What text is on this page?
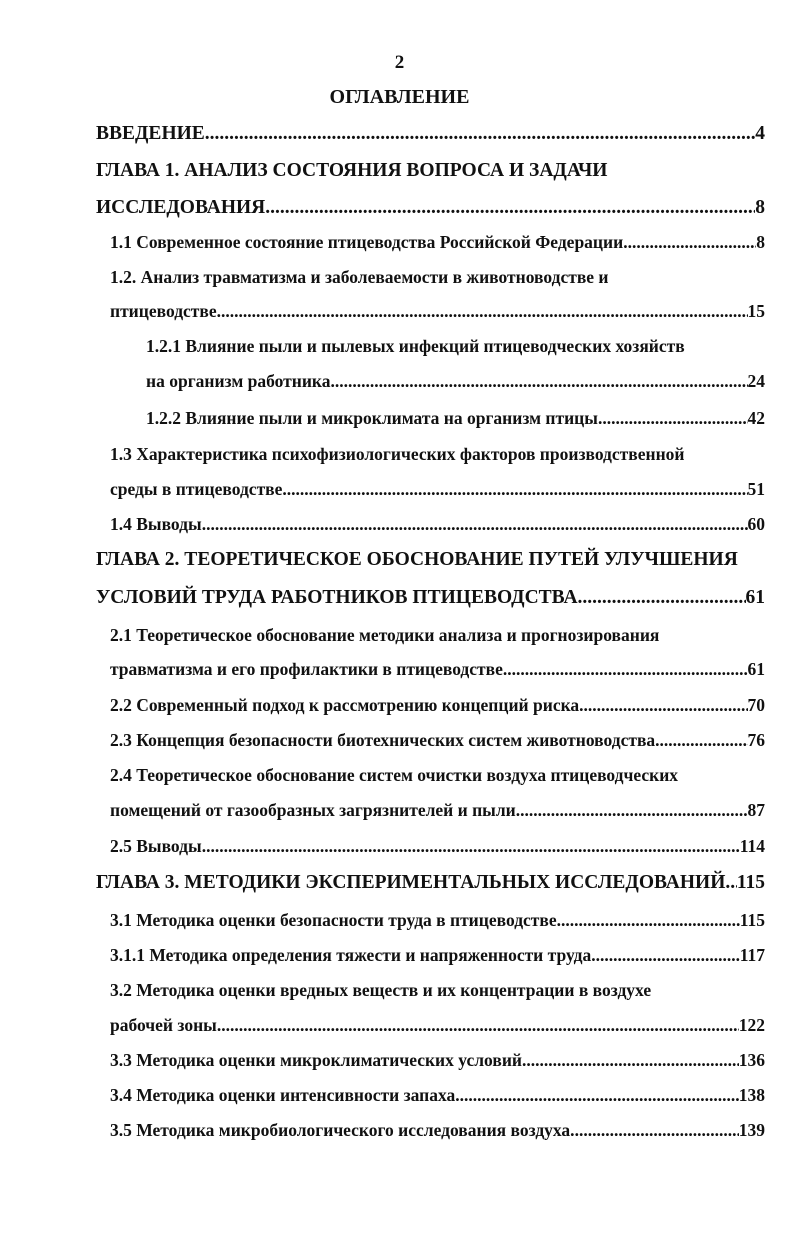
2
ОГЛАВЛЕНИЕ
ВВЕДЕНИЕ .....	4
ГЛАВА 1. АНАЛИЗ СОСТОЯНИЯ ВОПРОСА И ЗАДАЧИ
ИССЛЕДОВАНИЯ. .....	8
1.1 Современное состояние птицеводства Российской Федерации .....	8
1.2. Анализ травматизма и заболеваемости в животноводстве и
птицеводстве. .....	15
1.2.1 Влияние пыли и пылевых инфекций птицеводческих хозяйств
на организм работника .....	24
1.2.2 Влияние пыли и микроклимата на организм птицы .....	42
1.3 Характеристика психофизиологических факторов производственной
среды в птицеводстве. .....	51
1.4 Выводы .....	60
ГЛАВА 2. ТЕОРЕТИЧЕСКОЕ ОБОСНОВАНИЕ ПУТЕЙ УЛУЧШЕНИЯ
УСЛОВИЙ ТРУДА РАБОТНИКОВ ПТИЦЕВОДСТВА. .....	61
2.1 Теоретическое обоснование методики анализа и прогнозирования
травматизма и его профилактики в птицеводстве. .....	61
2.2 Современный подход к рассмотрению концепций риска .....	70
2.3 Концепция безопасности биотехнических систем животноводства .....	76
2.4 Теоретическое обоснование систем очистки воздуха птицеводческих
помещений от газообразных загрязнителей и пыли .....	87
2.5 Выводы .....	114
ГЛАВА 3. МЕТОДИКИ ЭКСПЕРИМЕНТАЛЬНЫХ ИССЛЕДОВАНИЙ ..... 115
3.1 Методика оценки безопасности труда в птицеводстве .....	115
3.1.1 Методика определения тяжести и напряженности труда. .....	117
3.2 Методика оценки вредных веществ и их концентрации в воздухе
рабочей зоны .....	122
3.3 Методика оценки микроклиматических условий. .....	136
3.4 Методика оценки интенсивности запаха .....	138
3.5 Методика микробиологического исследования воздуха. .....	139
